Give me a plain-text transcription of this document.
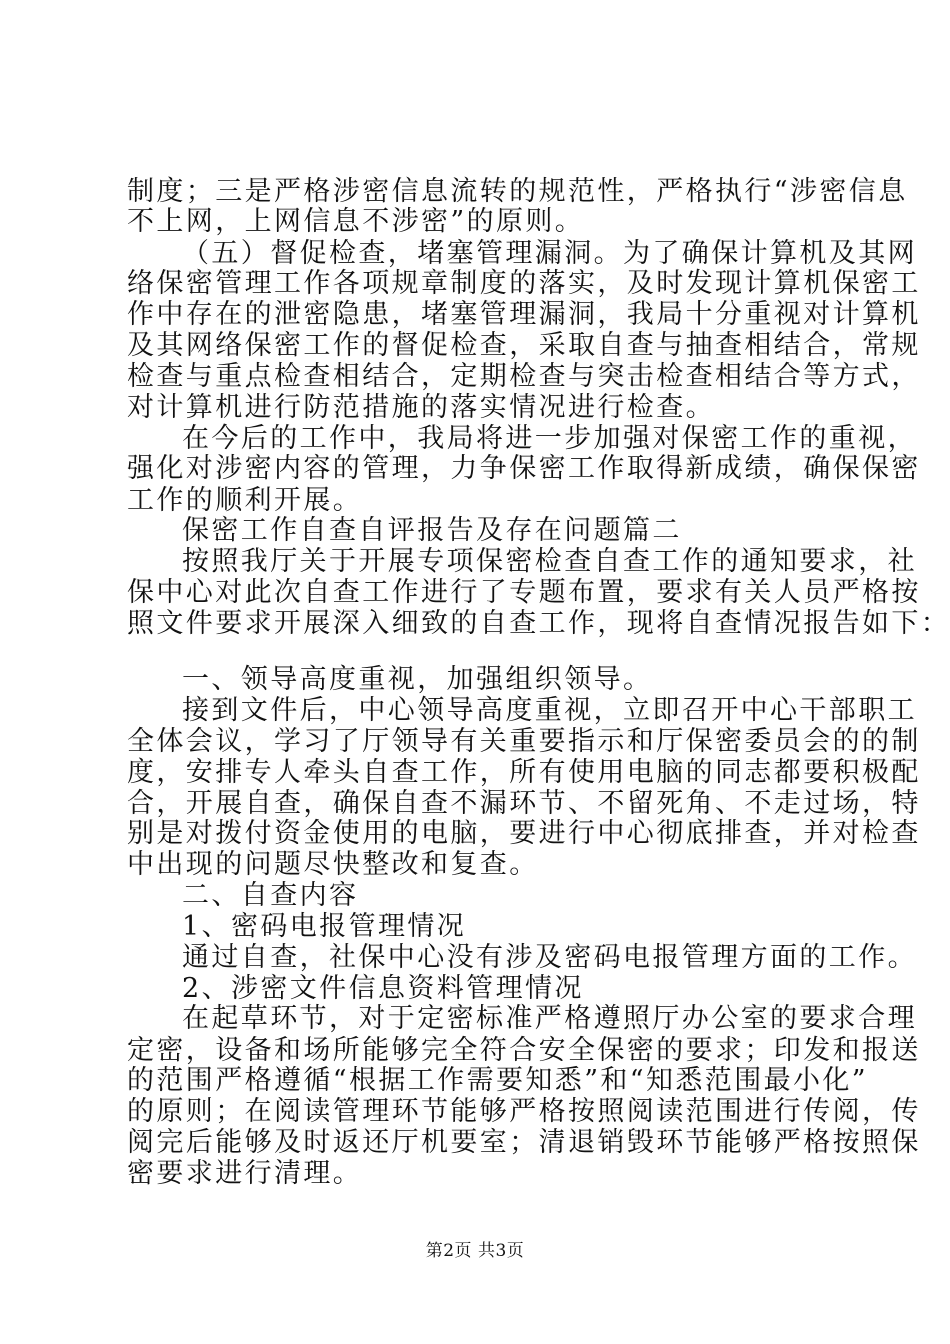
制度；三是严格涉密信息流转的规范性，严格执行“涉密信息
不上网，上网信息不涉密”的原则。
（五）督促检查，堵塞管理漏洞。为了确保计算机及其网
络保密管理工作各项规章制度的落实，及时发现计算机保密工
作中存在的泄密隐患，堵塞管理漏洞，我局十分重视对计算机
及其网络保密工作的督促检查，采取自查与抽查相结合，常规
检查与重点检查相结合，定期检查与突击检查相结合等方式，
对计算机进行防范措施的落实情况进行检查。
在今后的工作中，我局将进一步加强对保密工作的重视，
强化对涉密内容的管理，力争保密工作取得新成绩，确保保密
工作的顺利开展。
保密工作自查自评报告及存在问题篇二
按照我厅关于开展专项保密检查自查工作的通知要求，社
保中心对此次自查工作进行了专题布置，要求有关人员严格按
照文件要求开展深入细致的自查工作，现将自查情况报告如下：
一、领导高度重视，加强组织领导。
接到文件后，中心领导高度重视，立即召开中心干部职工
全体会议，学习了厅领导有关重要指示和厅保密委员会的的制
度，安排专人牵头自查工作，所有使用电脑的同志都要积极配
合，开展自查，确保自查不漏环节、不留死角、不走过场，特
别是对拨付资金使用的电脑，要进行中心彻底排查，并对检查
中出现的问题尽快整改和复查。
二、自查内容
1、密码电报管理情况
通过自查，社保中心没有涉及密码电报管理方面的工作。
2、涉密文件信息资料管理情况
在起草环节，对于定密标准严格遵照厅办公室的要求合理
定密，设备和场所能够完全符合安全保密的要求；印发和报送
的范围严格遵循“根据工作需要知悉”和“知悉范围最小化”
的原则；在阅读管理环节能够严格按照阅读范围进行传阅，传
阅完后能够及时返还厅机要室；清退销毁环节能够严格按照保
密要求进行清理。
第2页 共3页
